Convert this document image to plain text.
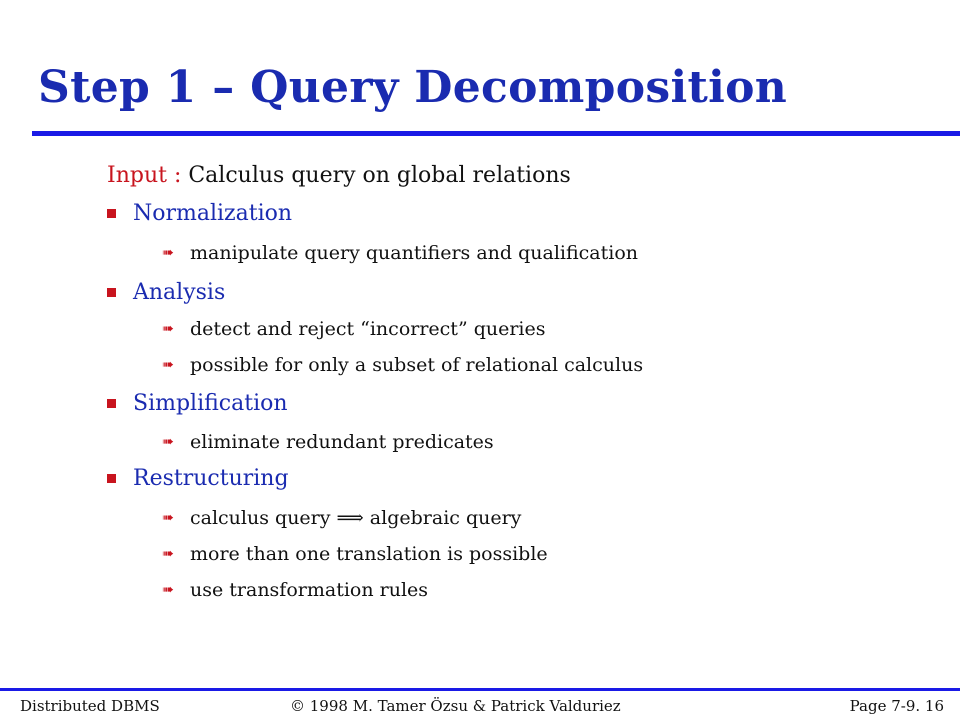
Step 1 – Query Decomposition
Input : Calculus query on global relations
Normalization
➠ manipulate query quantifiers and qualification
Analysis
➠ detect and reject “incorrect” queries
➠ possible for only a subset of relational calculus
Simplification
➠ eliminate redundant predicates
Restructuring
➠ calculus query ⟹ algebraic query
➠ more than one translation is possible
➠ use transformation rules
Distributed DBMS	© 1998 M. Tamer Özsu & Patrick Valduriez	Page 7-9. 16
